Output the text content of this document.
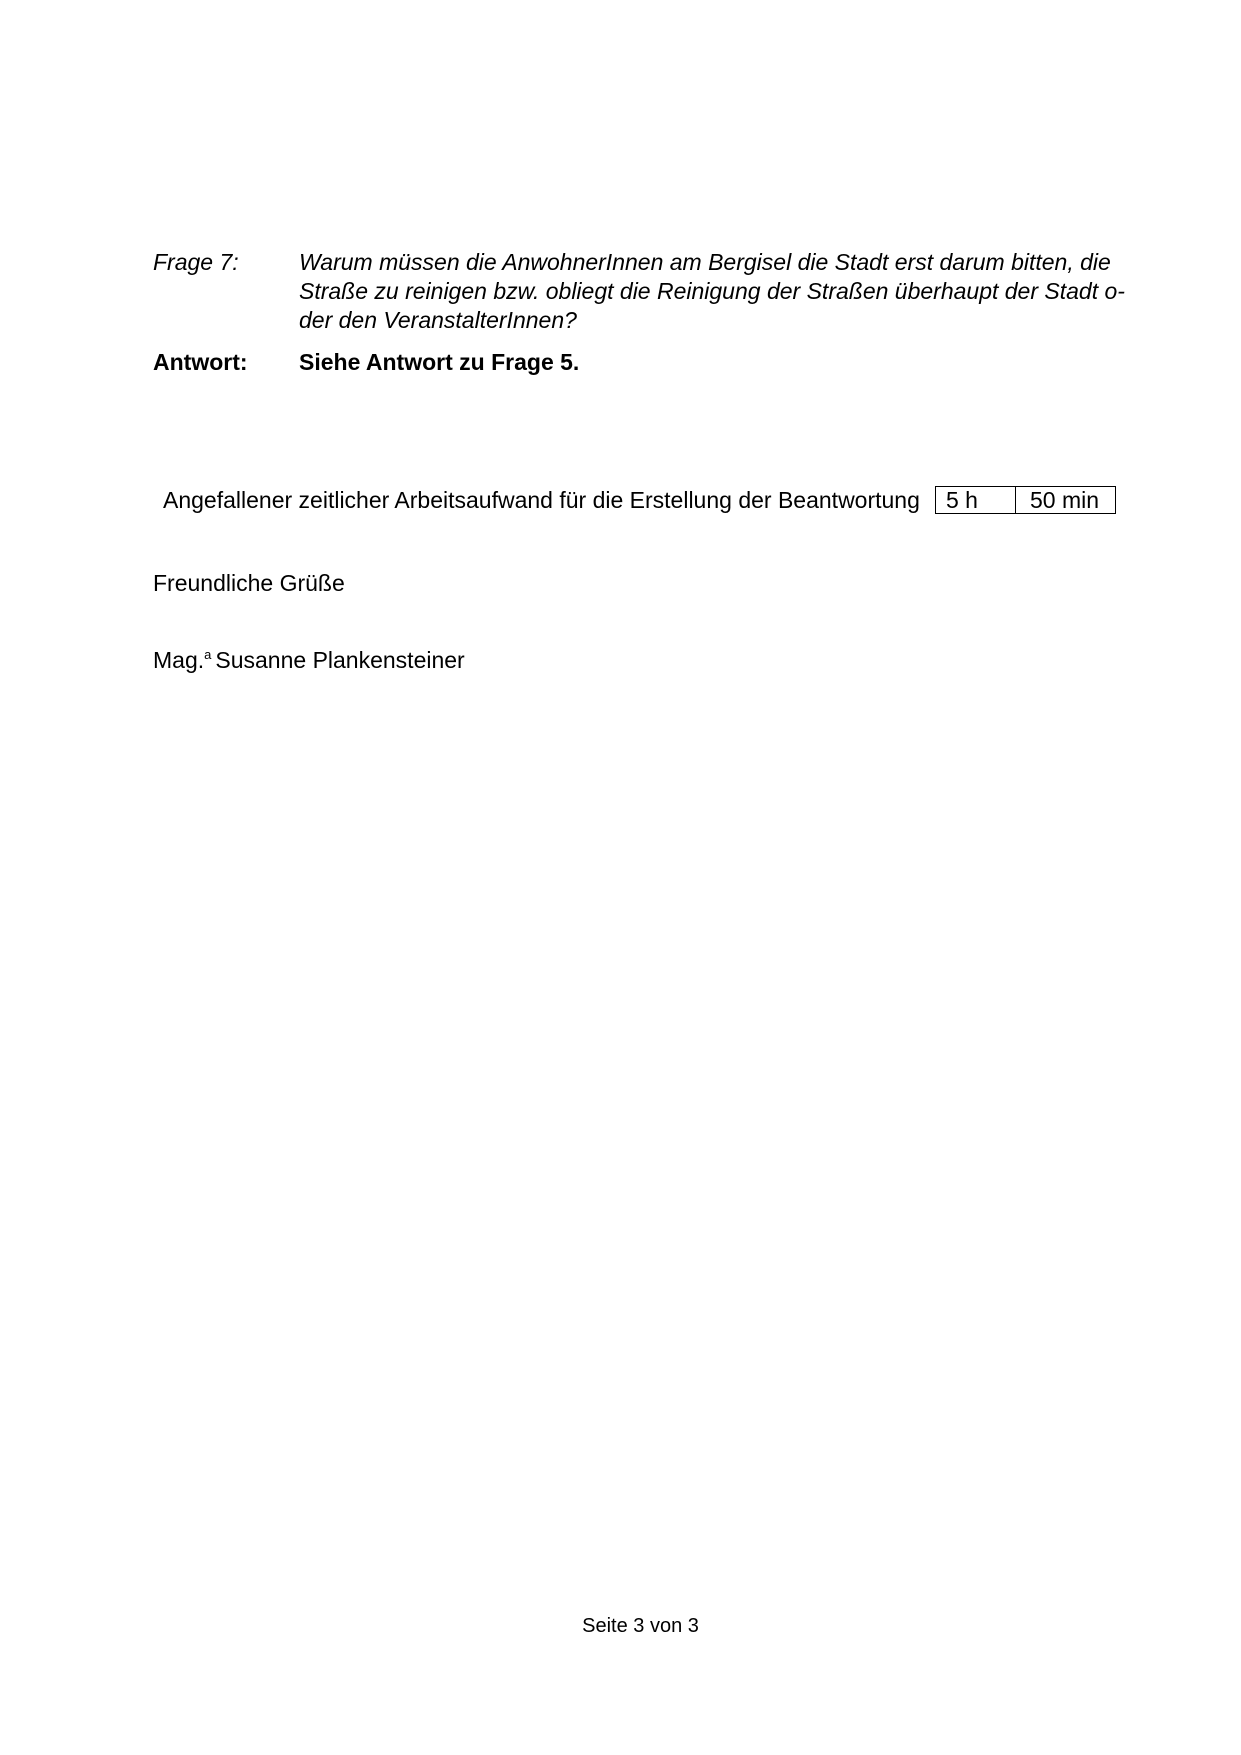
Frage 7:	Warum müssen die AnwohnerInnen am Bergisel die Stadt erst darum bitten, die Straße zu reinigen bzw. obliegt die Reinigung der Straßen überhaupt der Stadt o-der den VeranstalterInnen?
Antwort: Siehe Antwort zu Frage 5.
Angefallener zeitlicher Arbeitsaufwand für die Erstellung der Beantwortung 5 h	50 min
Freundliche Grüße
Mag.$^a$ Susanne Plankensteiner
Seite 3 von 3
